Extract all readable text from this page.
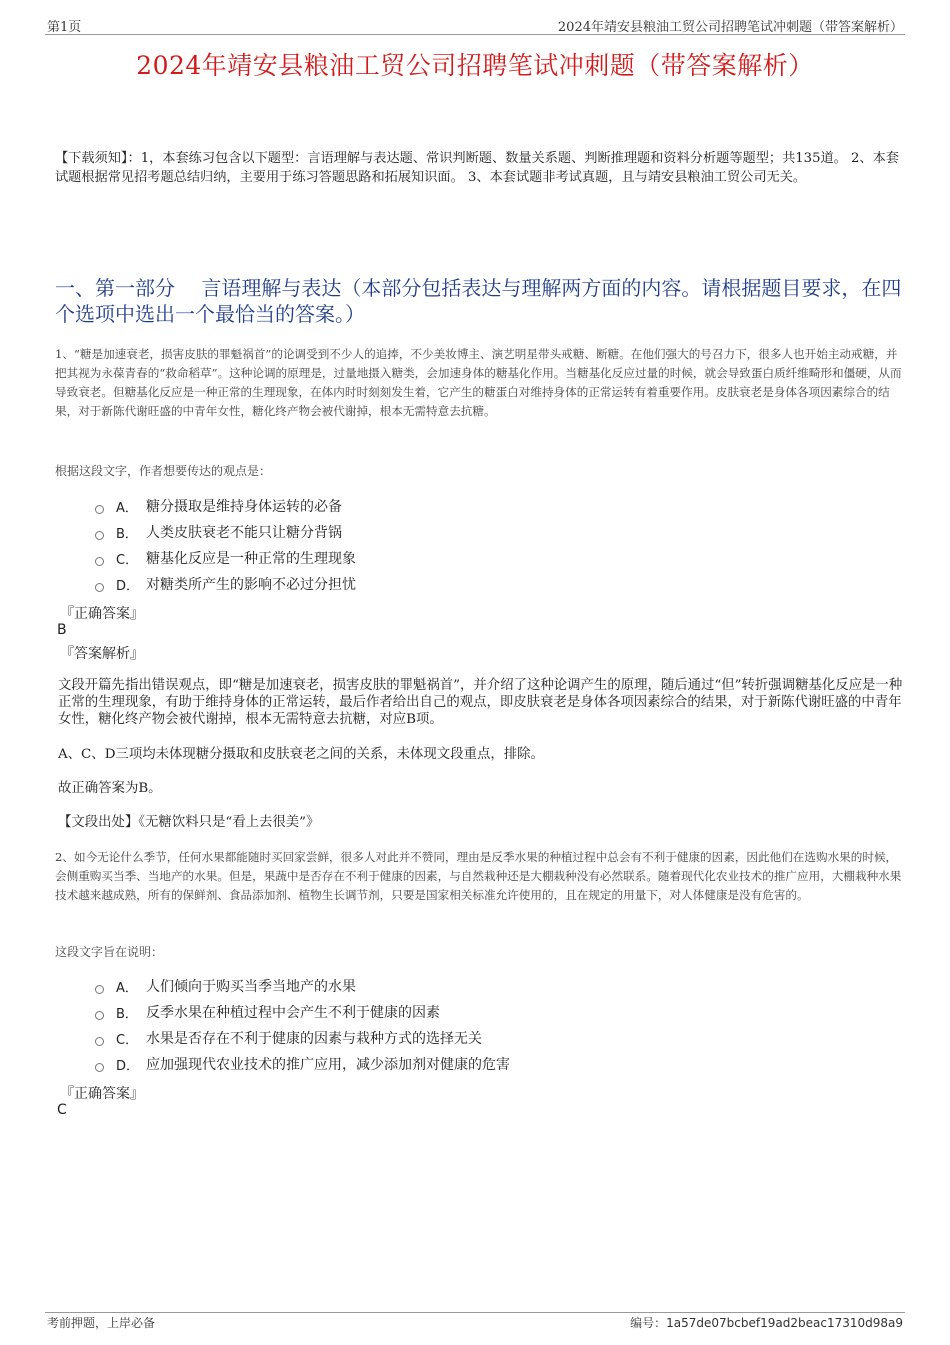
第1页	2024年靖安县粮油工贸公司招聘笔试冲刺题（带答案解析）
2024年靖安县粮油工贸公司招聘笔试冲刺题（带答案解析）
【下载须知】：1，本套练习包含以下题型：言语理解与表达题、常识判断题、数量关系题、判断推理题和资料分析题等题型；共135道。 2、本套试题根据常见招考题总结归纳，主要用于练习答题思路和拓展知识面。 3、本套试题非考试真题，且与靖安县粮油工贸公司无关。
一、第一部分　 言语理解与表达（本部分包括表达与理解两方面的内容。请根据题目要求，在四个选项中选出一个最恰当的答案。）
1、“糖是加速衰老，损害皮肤的罪魁祸首”的论调受到不少人的追捧，不少美妆博主、演艺明星带头戒糖、断糖。在他们强大的号召力下，很多人也开始主动戒糖，并把其视为永葆青春的“救命稻草”。这种论调的原理是，过量地摄入糖类，会加速身体的糖基化作用。当糖基化反应过量的时候，就会导致蛋白质纤维畸形和僵硬，从而导致衰老。但糖基化反应是一种正常的生理现象，在体内时时刻刻发生着，它产生的糖蛋白对维持身体的正常运转有着重要作用。皮肤衰老是身体各项因素综合的结果，对于新陈代谢旺盛的中青年女性，糖化终产物会被代谢掉，根本无需特意去抗糖。
根据这段文字，作者想要传达的观点是：
A． 糖分摄取是维持身体运转的必备
B． 人类皮肤衰老不能只让糖分背锅
C． 糖基化反应是一种正常的生理现象
D． 对糖类所产生的影响不必过分担忧
『正确答案』
B
『答案解析』
文段开篇先指出错误观点，即“糖是加速衰老，损害皮肤的罪魁祸首”，并介绍了这种论调产生的原理，随后通过“但”转折强调糖基化反应是一种正常的生理现象，有助于维持身体的正常运转，最后作者给出自己的观点，即皮肤衰老是身体各项因素综合的结果，对于新陈代谢旺盛的中青年女性，糖化终产物会被代谢掉，根本无需特意去抗糖，对应B项。
A、C、D三项均未体现糖分摄取和皮肤衰老之间的关系，未体现文段重点，排除。
故正确答案为B。
【文段出处】《无糖饮料只是“看上去很美”》
2、如今无论什么季节，任何水果都能随时买回家尝鲜，很多人对此并不赞同，理由是反季水果的种植过程中总会有不利于健康的因素，因此他们在选购水果的时候，会侧重购买当季、当地产的水果。但是，果蔬中是否存在不利于健康的因素，与自然栽种还是大棚栽种没有必然联系。随着现代化农业技术的推广应用，大棚栽种水果技术越来越成熟，所有的保鲜剂、食品添加剂、植物生长调节剂，只要是国家相关标准允许使用的，且在规定的用量下，对人体健康是没有危害的。
这段文字旨在说明：
A． 人们倾向于购买当季当地产的水果
B． 反季水果在种植过程中会产生不利于健康的因素
C． 水果是否存在不利于健康的因素与栽种方式的选择无关
D． 应加强现代农业技术的推广应用，减少添加剂对健康的危害
『正确答案』
C
考前押题，上岸必备	编号：1a57de07bcbef19ad2beac17310d98a9
